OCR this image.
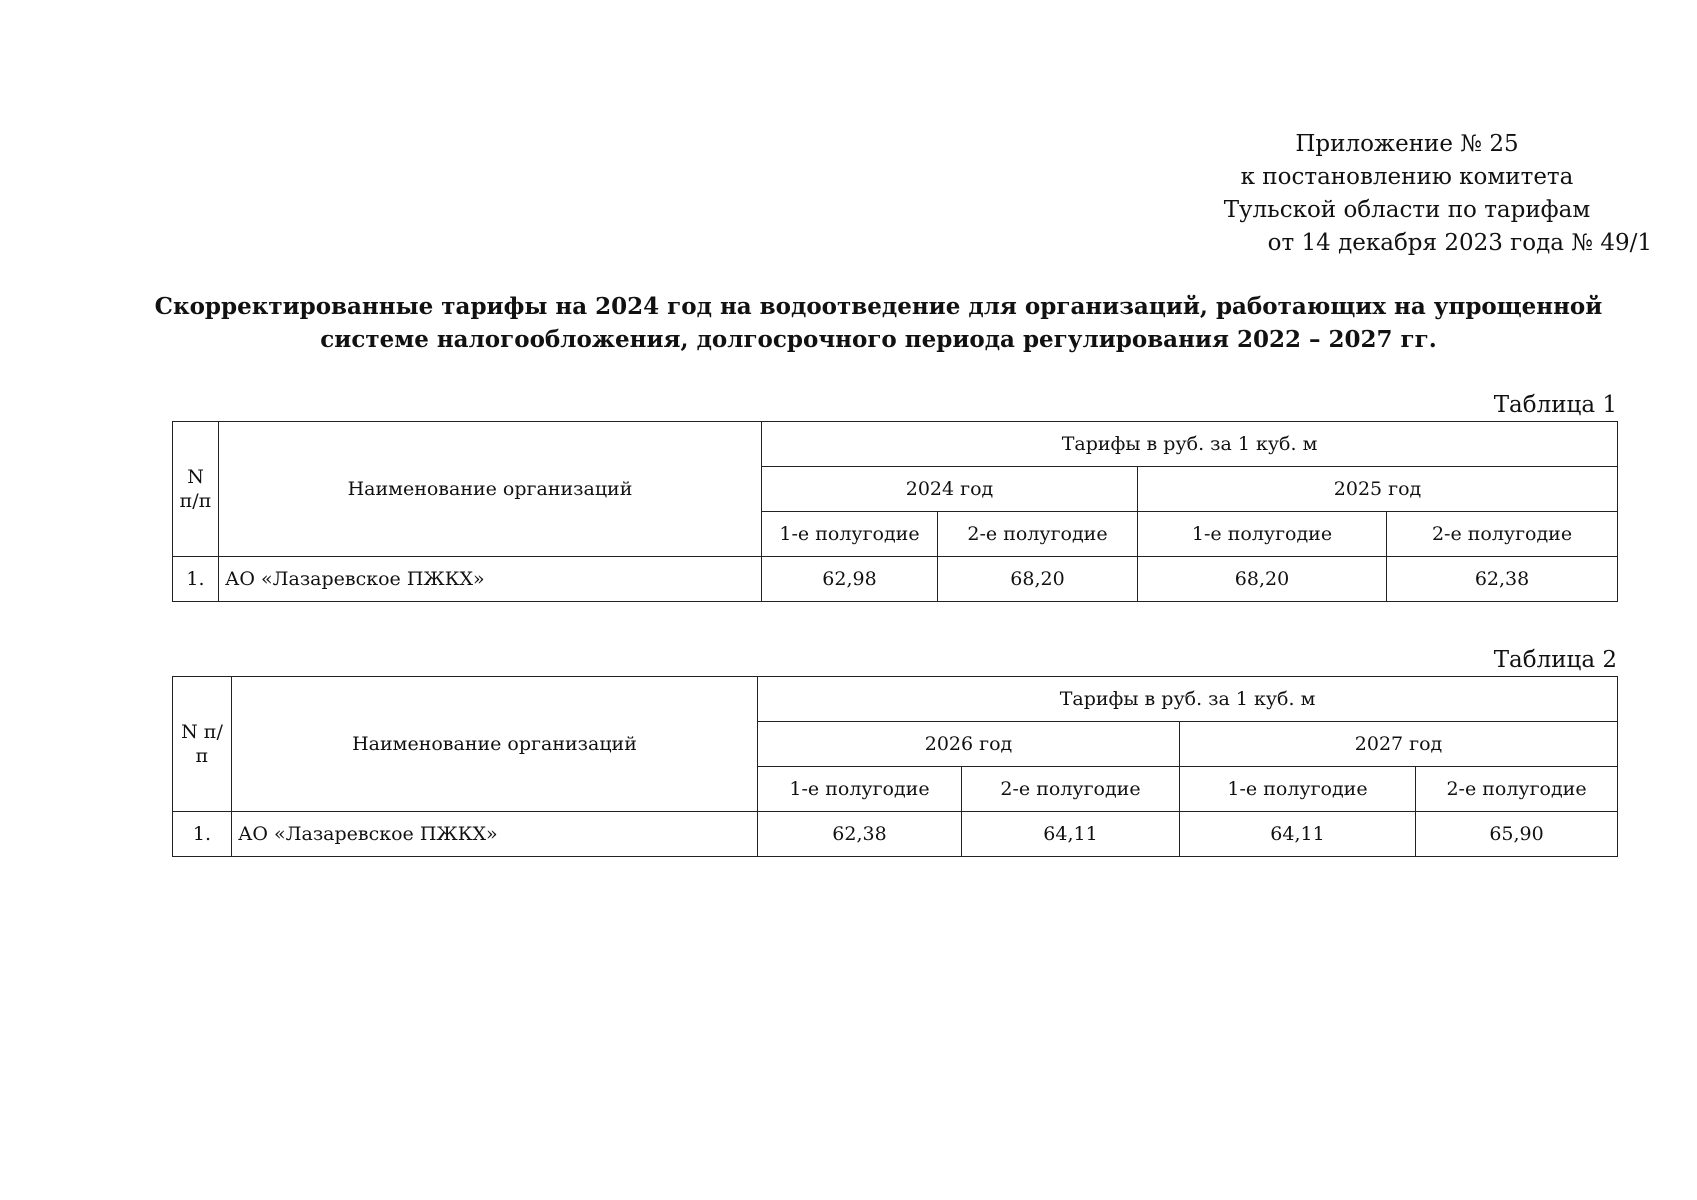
Приложение № 25
к постановлению комитета
Тульской области по тарифам
от 14 декабря 2023 года № 49/1
Скорректированные тарифы на 2024 год на водоотведение для организаций, работающих на упрощенной
системе налогообложения, долгосрочного периода регулирования 2022 – 2027 гг.
Таблица 1
N п/п	Наименование организаций	Тарифы в руб. за 1 куб. м			
		2024 год		2025 год	
		1-е полугодие	2-е полугодие	1-е полугодие	2-е полугодие
1.	АО «Лазаревское ПЖКХ»	62,98	68,20	68,20	62,38
Таблица 2
N п/п	Наименование организаций	Тарифы в руб. за 1 куб. м			
		2026 год		2027 год	
		1-е полугодие	2-е полугодие	1-е полугодие	2-е полугодие
1.	АО «Лазаревское ПЖКХ»	62,38	64,11	64,11	65,90
